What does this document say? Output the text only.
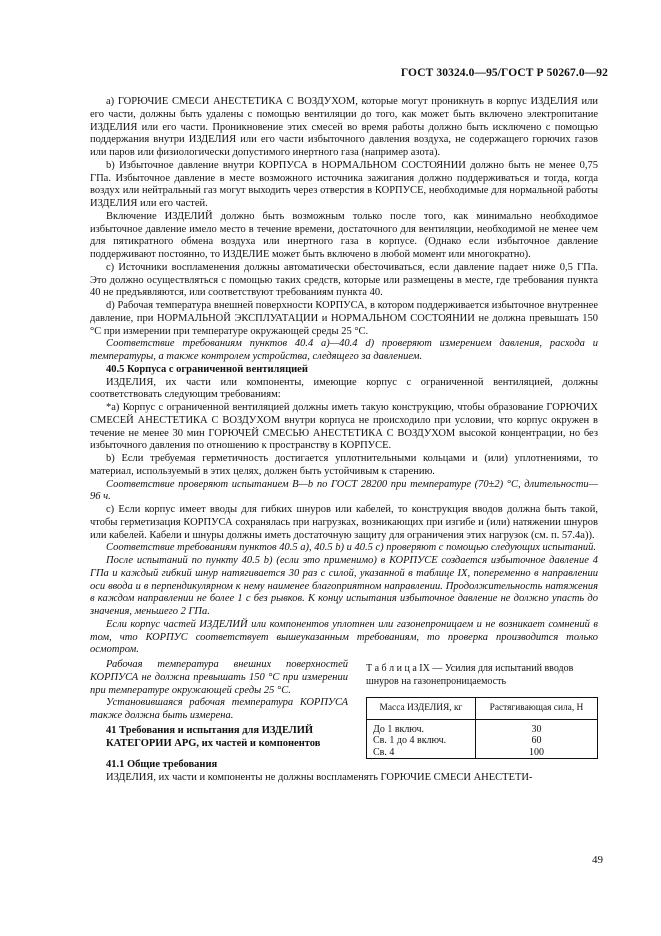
ГОСТ 30324.0—95/ГОСТ Р 50267.0—92

a) ГОРЮЧИЕ СМЕСИ АНЕСТЕТИКА С ВОЗДУХОМ, которые могут проникнуть в корпус ИЗДЕЛИЯ или его части, должны быть удалены с помощью вентиляции до того, как может быть включено электропитание ИЗДЕЛИЯ или его части. Проникновение этих смесей во время работы должно быть исключено с помощью поддержания внутри ИЗДЕЛИЯ или его части избыточного давления воздуха, не содержащего горючих газов или паров или физиологически допустимого инертного газа (например азота).

b) Избыточное давление внутри КОРПУСА в НОРМАЛЬНОМ СОСТОЯНИИ должно быть не менее 0,75 ГПа. Избыточное давление в месте возможного источника зажигания должно поддерживаться и тогда, когда воздух или нейтральный газ могут выходить через отверстия в КОРПУСЕ, необходимые для нормальной работы ИЗДЕЛИЯ или его частей.

Включение ИЗДЕЛИЙ должно быть возможным только после того, как минимально необходимое избыточное давление имело место в течение времени, достаточного для вентиляции, необходимой не менее чем для пятикратного обмена воздуха или инертного газа в корпусе. (Однако если избыточное давление поддерживают постоянно, то ИЗДЕЛИЕ может быть включено в любой момент или многократно).

c) Источники воспламенения должны автоматически обесточиваться, если давление падает ниже 0,5 ГПа. Это должно осуществляться с помощью таких средств, которые или размещены в месте, где требования пункта 40 не предъявляются, или соответствуют требованиям пункта 40.

d) Рабочая температура внешней поверхности КОРПУСА, в котором поддерживается избыточное внутреннее давление, при НОРМАЛЬНОЙ ЭКСПЛУАТАЦИИ и НОРМАЛЬНОМ СОСТОЯНИИ не должна превышать 150 °С при измерении при температуре окружающей среды 25 °С.

Соответствие требованиям пунктов 40.4 а)—40.4 d) проверяют измерением давления, расхода и температуры, а также контролем устройства, следящего за давлением.

40.5 Корпуса с ограниченной вентиляцией

ИЗДЕЛИЯ, их части или компоненты, имеющие корпус с ограниченной вентиляцией, должны соответствовать следующим требованиям:

*a) Корпус с ограниченной вентиляцией должны иметь такую конструкцию, чтобы образование ГОРЮЧИХ СМЕСЕЙ АНЕСТЕТИКА С ВОЗДУХОМ внутри корпуса не происходило при условии, что корпус окружен в течение не менее 30 мин ГОРЮЧЕЙ СМЕСЬЮ АНЕСТЕТИКА С ВОЗДУХОМ высокой концентрации, но без избыточного давления по отношению к пространству в КОРПУСЕ.

b) Если требуемая герметичность достигается уплотнительными кольцами и (или) уплотнениями, то материал, используемый в этих целях, должен быть устойчивым к старению.

Соответствие проверяют испытанием B—b по ГОСТ 28200 при температуре (70±2) °С, длительности— 96 ч.

c) Если корпус имеет вводы для гибких шнуров или кабелей, то конструкция вводов должна быть такой, чтобы герметизация КОРПУСА сохранялась при нагрузках, возникающих при изгибе и (или) натяжении шнуров или кабелей. Кабели и шнуры должны иметь достаточную защиту для ограничения этих нагрузок (см. п. 57.4а)).

Соответствие требованиям пунктов 40.5 а), 40.5 b) и 40.5 с) проверяют с помощью следующих испытаний.

После испытаний по пункту 40.5 b) (если это применимо) в КОРПУСЕ создается избыточное давление 4 ГПа и каждый гибкий шнур натягивается 30 раз с силой, указанной в таблице IX, попеременно в направлении оси ввода и в перпендикулярном к нему наименее благоприятном направлении. Продолжительность натяжения в каждом направлении не более 1 с без рывков. К концу испытания избыточное давление не должно упасть до значения, меньшего 2 ГПа.

Если корпус частей ИЗДЕЛИЙ или компонентов уплотнен или газонепроницаем и не возникает сомнений в том, что КОРПУС соответствует вышеуказанным требованиям, то проверка производится только осмотром.

Рабочая температура внешних поверхностей КОРПУСА не должна превышать 150 °С при измерении при температуре окружающей среды 25 °С.

Установившаяся рабочая температура КОРПУСА также должна быть измерена.

41 Требования и испытания для ИЗДЕЛИЙ
КАТЕГОРИИ APG, их частей и компонентов
Т а б л и ц а IX — Усилия для испытаний вводов шнуров на газонепроницаемость
Масса ИЗДЕЛИЯ, кг	Растягивающая сила, Н
До 1 включ.	30
Св. 1 до 4 включ.	60
Св. 4	100

41.1 Общие требования

ИЗДЕЛИЯ, их части и компоненты не должны воспламенять ГОРЮЧИЕ СМЕСИ АНЕСТЕТИ-

49
